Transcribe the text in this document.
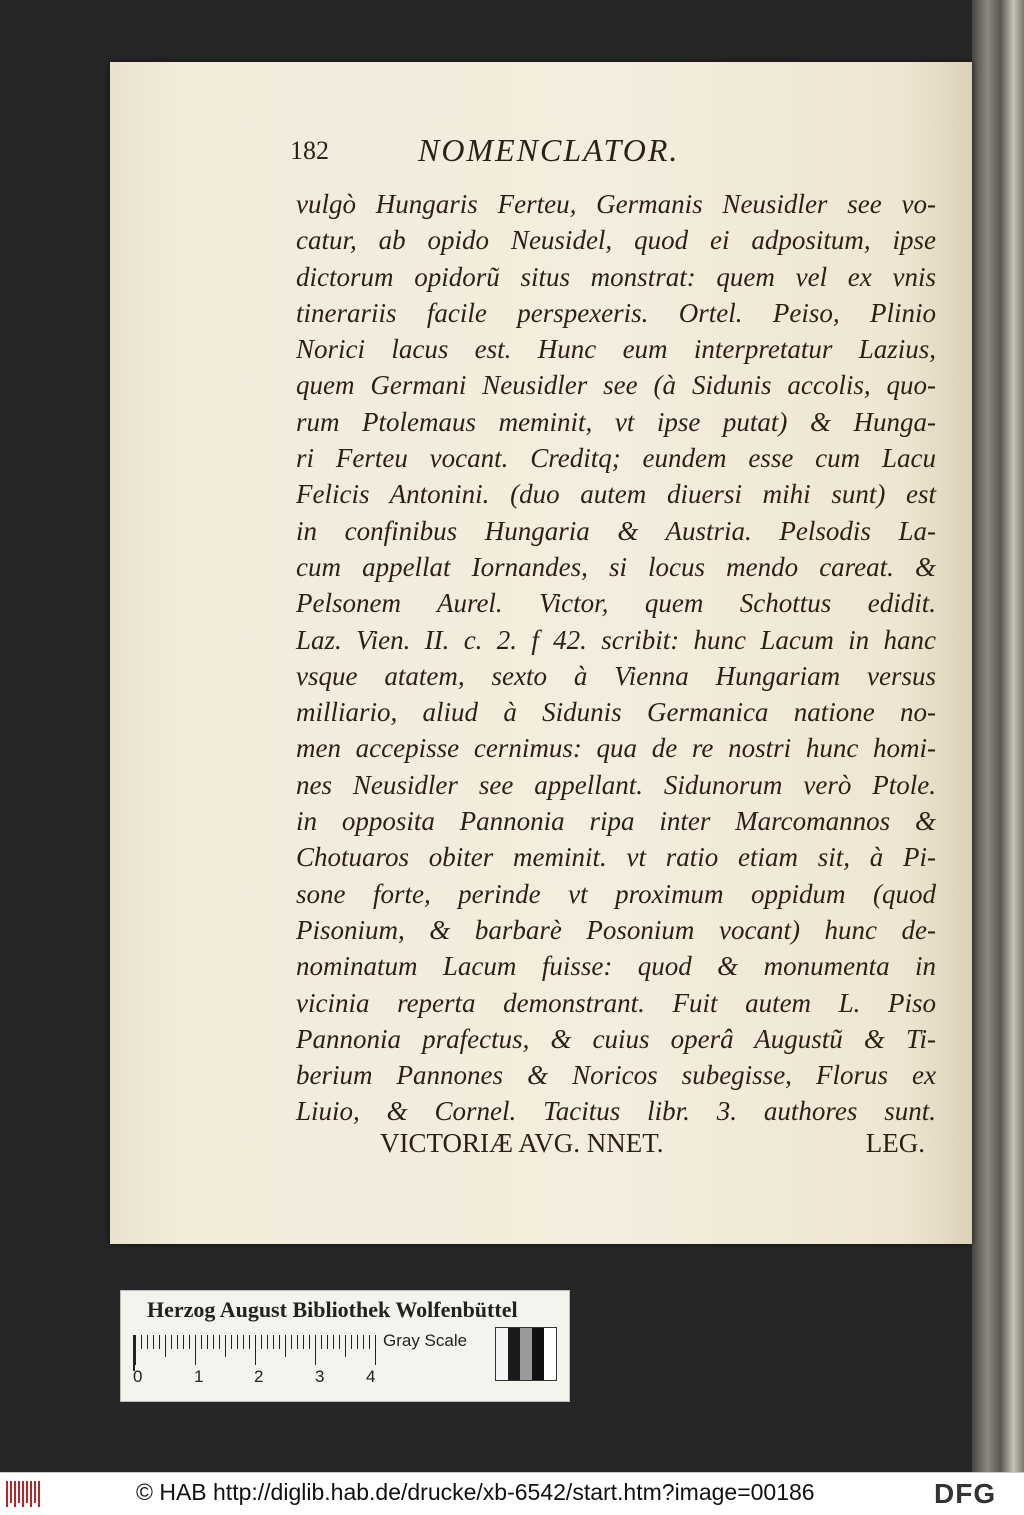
182	NOMENCLATOR.
vulgò Hungaris Ferteu, Germanis Neusidler see vo-
catur, ab opido Neusidel, quod ei adpositum, ipse
dictorum opidorũ situs monstrat: quem vel ex vnis
tinerariis facile perspexeris. Ortel. Peiso, Plinio
Norici lacus est. Hunc eum interpretatur Lazius,
quem Germani Neusidler see (à Sidunis accolis, quo-
rum Ptolemaus meminit, vt ipse putat) & Hunga-
ri Ferteu vocant. Creditq; eundem esse cum Lacu
Felicis Antonini. (duo autem diuersi mihi sunt) est
in confinibus Hungaria & Austria. Pelsodis La-
cum appellat Iornandes, si locus mendo careat. &
Pelsonem Aurel. Victor, quem Schottus edidit.
Laz. Vien. II. c. 2. f 42. scribit: hunc Lacum in hanc
vsque atatem, sexto à Vienna Hungariam versus
milliario, aliud à Sidunis Germanica natione no-
men accepisse cernimus: qua de re nostri hunc homi-
nes Neusidler see appellant. Sidunorum verò Ptole.
in opposita Pannonia ripa inter Marcomannos &
Chotuaros obiter meminit. vt ratio etiam sit, à Pi-
sone forte, perinde vt proximum oppidum (quod
Pisonium, & barbarè Posonium vocant) hunc de-
nominatum Lacum fuisse: quod & monumenta in
vicinia reperta demonstrant. Fuit autem L. Piso
Pannonia prafectus, & cuius operâ Augustũ & Ti-
berium Pannones & Noricos subegisse, Florus ex
Liuio, & Cornel. Tacitus libr. 3. authores sunt.
VICTORIÆ AVG. NNET.	LEG.
Herzog August Bibliothek Wolfenbüttel
0	1	2	3 4
Gray Scale
© HAB http://diglib.hab.de/drucke/xb-6542/start.htm?image=00186	DFG
